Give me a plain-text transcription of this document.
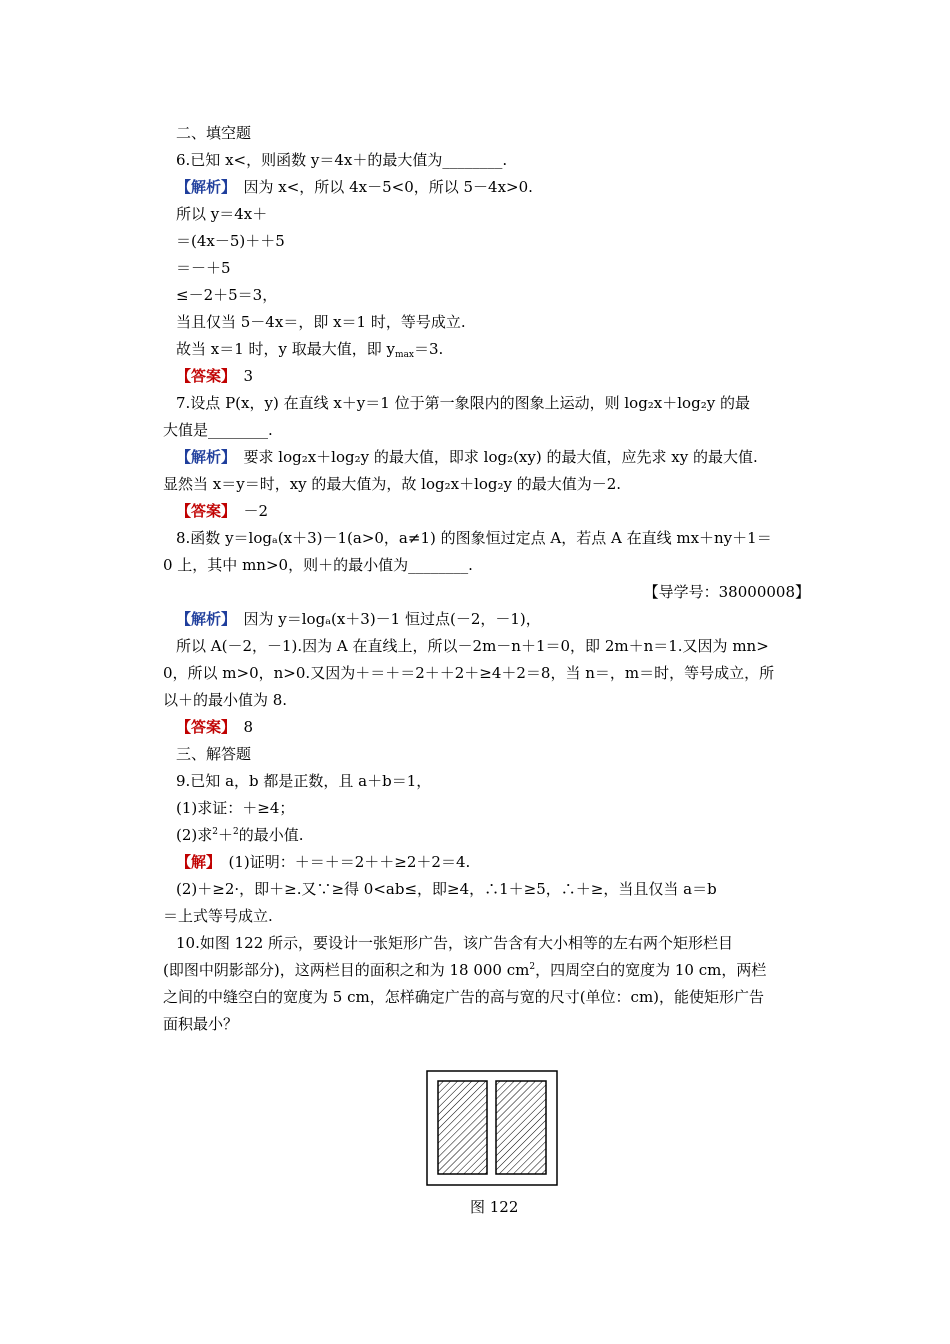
二、填空题
6.已知 x<，则函数 y＝4x＋的最大值为________.
【解析】　因为 x<，所以 4x－5<0，所以 5－4x>0.
所以 y＝4x＋
＝(4x－5)＋＋5
＝－＋5
≤－2＋5＝3，
当且仅当 5－4x＝，即 x＝1 时，等号成立.
故当 x＝1 时，y 取最大值，即 $y_{max}=3$.
【答案】　3
7.设点 P(x，y) 在直线 x＋y＝1 位于第一象限内的图象上运动，则 log₂x＋log₂y 的最
大值是________.
【解析】　要求 log₂x＋log₂y 的最大值，即求 log₂(xy) 的最大值，应先求 xy 的最大值.
显然当 x＝y＝时，xy 的最大值为，故 log₂x＋log₂y 的最大值为－2.
【答案】　－2
8.函数 y＝logₐ(x＋3)－1(a>0，a≠1) 的图象恒过定点 A，若点 A 在直线 mx＋ny＋1＝
0 上，其中 mn>0，则＋的最小值为________.
【导学号：38000008】
【解析】　因为 y＝logₐ(x＋3)－1 恒过点(－2，－1)，
所以 A(－2，－1).因为 A 在直线上，所以－2m－n＋1＝0，即 2m＋n＝1.又因为 mn>
0，所以 m>0，n>0.又因为＋＝＋＝2＋＋2＋≥4＋2＝8，当 n＝，m＝时，等号成立，所
以＋的最小值为 8.
【答案】　8
三、解答题
9.已知 a，b 都是正数，且 a＋b＝1，
(1)求证：＋≥4；
(2)求$^2$＋$^2$的最小值.
【解】　(1)证明：＋＝＋＝2＋＋≥2＋2＝4.
(2)＋≥2·，即＋≥.又∵≥得 0<ab≤，即≥4，∴1＋≥5，∴＋≥，当且仅当 a＝b
＝上式等号成立.
10.如图 122 所示，要设计一张矩形广告，该广告含有大小相等的左右两个矩形栏目
(即图中阴影部分)，这两栏目的面积之和为 18 000 $cm^2$，四周空白的宽度为 10 cm，两栏
之间的中缝空白的宽度为 5 cm，怎样确定广告的高与宽的尺寸(单位：cm)，能使矩形广告
面积最小？
图 122
